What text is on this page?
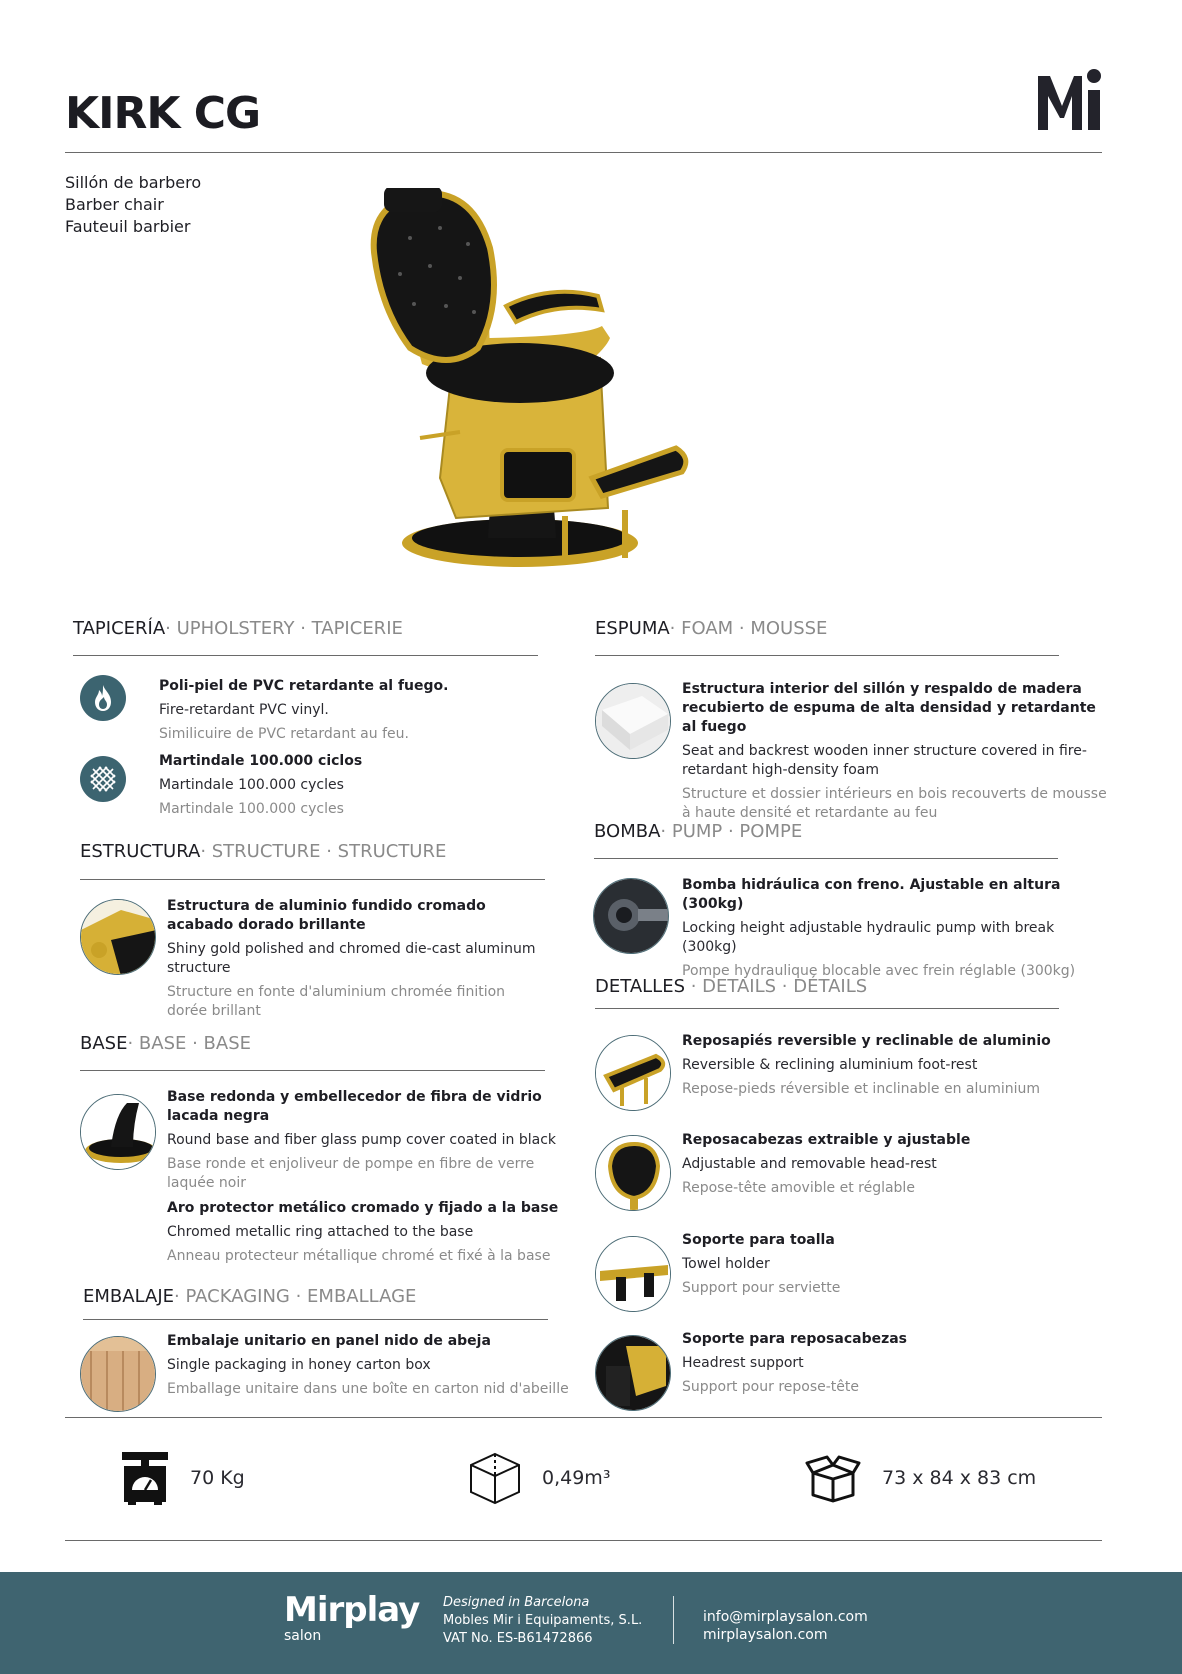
KIRK CG
Sillón de barbero
Barber chair
Fauteuil barbier
TAPICERÍA· UPHOLSTERY · TAPICERIE
Poli-piel de PVC retardante al fuego.
Fire-retardant PVC vinyl.
Similicuire de PVC retardant au feu.
Martindale 100.000 ciclos
Martindale 100.000 cycles
Martindale 100.000 cycles
ESTRUCTURA· STRUCTURE · STRUCTURE
Estructura de aluminio fundido cromado acabado dorado brillante
Shiny gold polished and chromed die-cast aluminum structure
Structure en fonte d'aluminium chromée finition dorée brillant
BASE· BASE · BASE
Base redonda y embellecedor de fibra de vidrio lacada negra
Round base and fiber glass pump cover coated in black
Base ronde et enjoliveur de pompe en fibre de verre laquée noir
Aro protector metálico cromado y fijado a la base
Chromed metallic ring attached to the base
Anneau protecteur métallique chromé et fixé à la base
EMBALAJE· PACKAGING · EMBALLAGE
Embalaje unitario en panel nido de abeja
Single packaging in honey carton box
Emballage unitaire dans une boîte en carton nid d'abeille
ESPUMA· FOAM · MOUSSE
Estructura interior del sillón y respaldo de madera recubierto de espuma de alta densidad y retardante al fuego
Seat and backrest wooden inner structure covered in fire-retardant high-density foam
Structure et dossier intérieurs en bois recouverts de mousse à haute densité et retardante au feu
BOMBA· PUMP · POMPE
Bomba hidráulica con freno. Ajustable en altura (300kg)
Locking height adjustable hydraulic pump with break (300kg)
Pompe hydraulique blocable avec frein réglable (300kg)
DETALLES · DETAILS · DÉTAILS
Reposapiés reversible y reclinable de aluminio
Reversible & reclining aluminium foot-rest
Repose-pieds réversible et inclinable en aluminium
Reposacabezas extraible y ajustable
Adjustable and removable head-rest
Repose-tête amovible et réglable
Soporte para toalla
Towel holder
Support pour serviette
Soporte para reposacabezas
Headrest support
Support pour repose-tête
70 Kg	0,49m³	73 x 84 x 83 cm
Mirplay
salon
Designed in Barcelona
Mobles Mir i Equipaments, S.L.
VAT No. ES-B61472866
info@mirplaysalon.com
mirplaysalon.com
